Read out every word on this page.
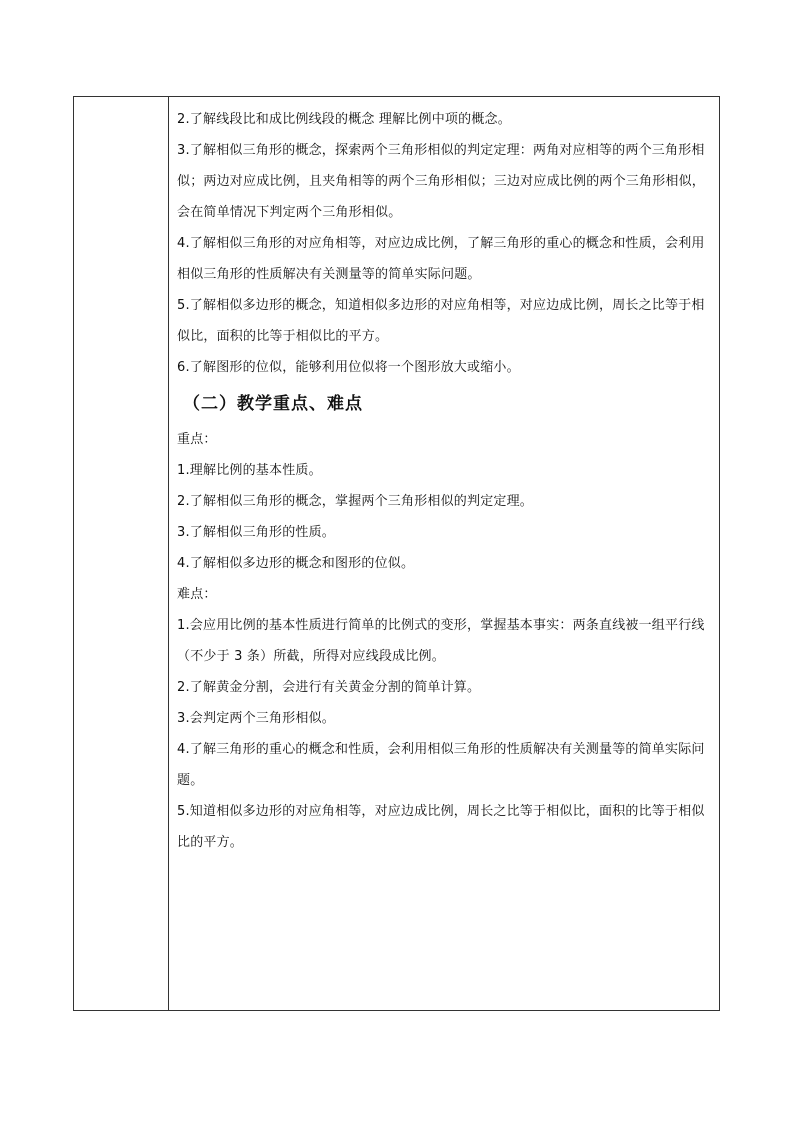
2.了解线段比和成比例线段的概念 理解比例中项的概念。

3.了解相似三角形的概念，探索两个三角形相似的判定定理：两角对应相等的两个三角形相似；两边对应成比例，且夹角相等的两个三角形相似；三边对应成比例的两个三角形相似，会在简单情况下判定两个三角形相似。

4.了解相似三角形的对应角相等，对应边成比例，了解三角形的重心的概念和性质，会利用相似三角形的性质解决有关测量等的简单实际问题。

5.了解相似多边形的概念，知道相似多边形的对应角相等，对应边成比例，周长之比等于相似比，面积的比等于相似比的平方。

6.了解图形的位似，能够利用位似将一个图形放大或缩小。

（二）教学重点、难点

重点：

1.理解比例的基本性质。

2.了解相似三角形的概念，掌握两个三角形相似的判定定理。

3.了解相似三角形的性质。

4.了解相似多边形的概念和图形的位似。

难点：

1.会应用比例的基本性质进行简单的比例式的变形，掌握基本事实：两条直线被一组平行线（不少于 3 条）所截，所得对应线段成比例。

2.了解黄金分割，会进行有关黄金分割的简单计算。

3.会判定两个三角形相似。

4.了解三角形的重心的概念和性质，会利用相似三角形的性质解决有关测量等的简单实际问题。

5.知道相似多边形的对应角相等，对应边成比例，周长之比等于相似比，面积的比等于相似比的平方。
